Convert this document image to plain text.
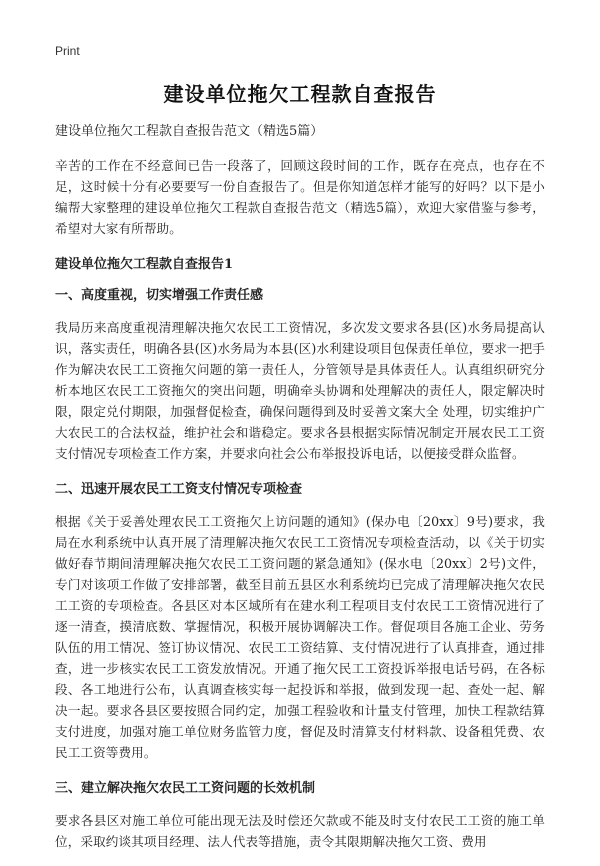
Print
建设单位拖欠工程款自查报告
建设单位拖欠工程款自查报告范文（精选5篇）

辛苦的工作在不经意间已告一段落了，回顾这段时间的工作，既存在亮点，也存在不足，这时候十分有必要要写一份自查报告了。但是你知道怎样才能写的好吗？以下是小编帮大家整理的建设单位拖欠工程款自查报告范文（精选5篇），欢迎大家借鉴与参考，希望对大家有所帮助。

建设单位拖欠工程款自查报告1
一、高度重视，切实增强工作责任感

我局历来高度重视清理解决拖欠农民工工资情况，多次发文要求各县(区)水务局提高认识，落实责任，明确各县(区)水务局为本县(区)水利建设项目包保责任单位，要求一把手作为解决农民工工资拖欠问题的第一责任人，分管领导是具体责任人。认真组织研究分析本地区农民工工资拖欠的突出问题，明确牵头协调和处理解决的责任人，限定解决时限，限定兑付期限，加强督促检查，确保问题得到及时妥善文案大全 处理，切实维护广大农民工的合法权益，维护社会和谐稳定。要求各县根据实际情况制定开展农民工工资支付情况专项检查工作方案，并要求向社会公布举报投诉电话，以便接受群众监督。

二、迅速开展农民工工资支付情况专项检查

根据《关于妥善处理农民工工资拖欠上访问题的通知》(保办电〔20xx〕9号)要求，我局在水利系统中认真开展了清理解决拖欠农民工工资情况专项检查活动，以《关于切实做好春节期间清理解决拖欠农民工工资问题的紧急通知》(保水电〔20xx〕2号)文件，专门对该项工作做了安排部署，截至目前五县区水利系统均已完成了清理解决拖欠农民工工资的专项检查。各县区对本区域所有在建水利工程项目支付农民工工资情况进行了逐一清查，摸清底数、掌握情况，积极开展协调解决工作。督促项目各施工企业、劳务队伍的用工情况、签订协议情况、农民工工资结算、支付情况进行了认真排查，通过排查，进一步核实农民工工资发放情况。开通了拖欠民工工资投诉举报电话号码，在各标段、各工地进行公布，认真调查核实每一起投诉和举报，做到发现一起、查处一起、解决一起。要求各县区要按照合同约定，加强工程验收和计量支付管理，加快工程款结算支付进度，加强对施工单位财务监管力度，督促及时清算支付材料款、设备租凭费、农民工工资等费用。

三、建立解决拖欠农民工工资问题的长效机制

要求各县区对施工单位可能出现无法及时偿还欠款或不能及时支付农民工工资的施工单位，采取约谈其项目经理、法人代表等措施，责令其限期解决拖欠工资、费用
